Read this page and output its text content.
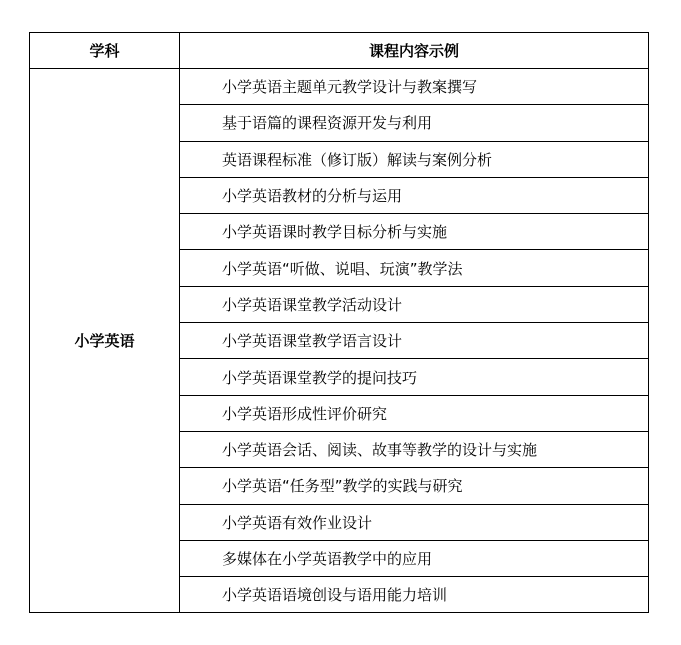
学科	课程内容示例
小学英语	小学英语主题单元教学设计与教案撰写
	基于语篇的课程资源开发与利用
	英语课程标准（修订版）解读与案例分析
	小学英语教材的分析与运用
	小学英语课时教学目标分析与实施
	小学英语“听做、说唱、玩演”教学法
	小学英语课堂教学活动设计
	小学英语课堂教学语言设计
	小学英语课堂教学的提问技巧
	小学英语形成性评价研究
	小学英语会话、阅读、故事等教学的设计与实施
	小学英语“任务型”教学的实践与研究
	小学英语有效作业设计
	多媒体在小学英语教学中的应用
	小学英语语境创设与语用能力培训
